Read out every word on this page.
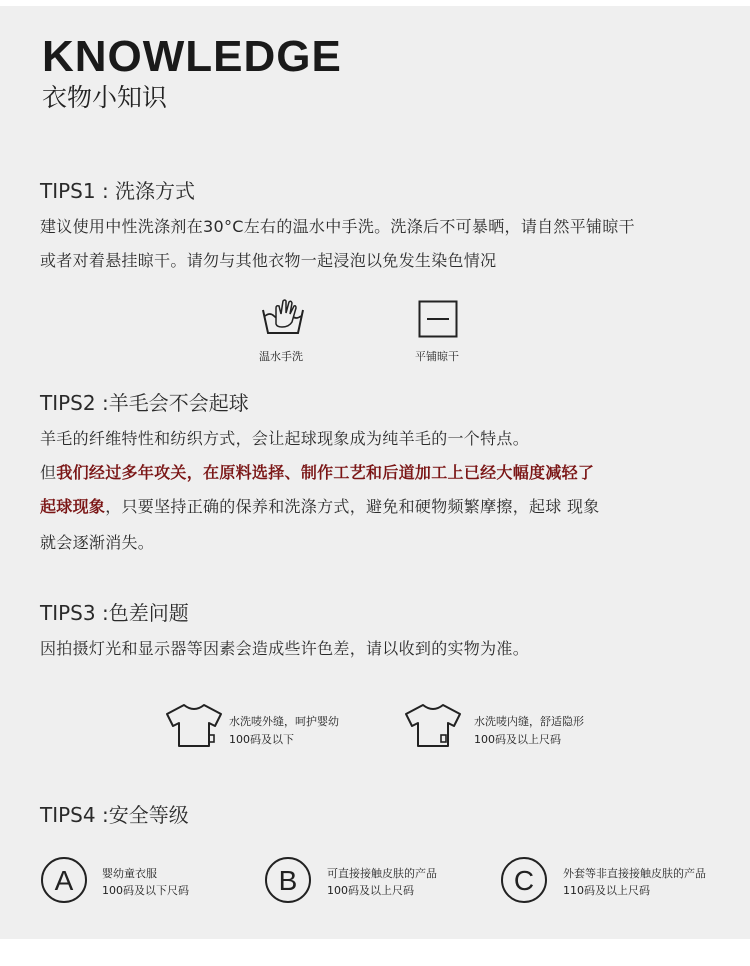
KNOWLEDGE
衣物小知识
TIPS1 : 洗涤方式
建议使用中性洗涤剂在30°C左右的温水中手洗。洗涤后不可暴晒，请自然平铺晾干
或者对着悬挂晾干。请勿与其他衣物一起浸泡以免发生染色情况
温水手洗	平铺晾干
TIPS2 :羊毛会不会起球
羊毛的纤维特性和纺织方式，会让起球现象成为纯羊毛的一个特点。
但我们经过多年攻关，在原料选择、制作工艺和后道加工上已经大幅度减轻了
起球现象，只要坚持正确的保养和洗涤方式，避免和硬物频繁摩擦，起球 现象
就会逐渐消失。
TIPS3 :色差问题
因拍摄灯光和显示器等因素会造成些许色差，请以收到的实物为准。
水洗唛外缝，呵护婴幼
100码及以下
水洗唛内缝，舒适隐形
100码及以上尺码
TIPS4 :安全等级
A	婴幼童衣服
100码及以下尺码	B	可直接接触皮肤的产品
100码及以上尺码	C	外套等非直接接触皮肤的产品
110码及以上尺码
